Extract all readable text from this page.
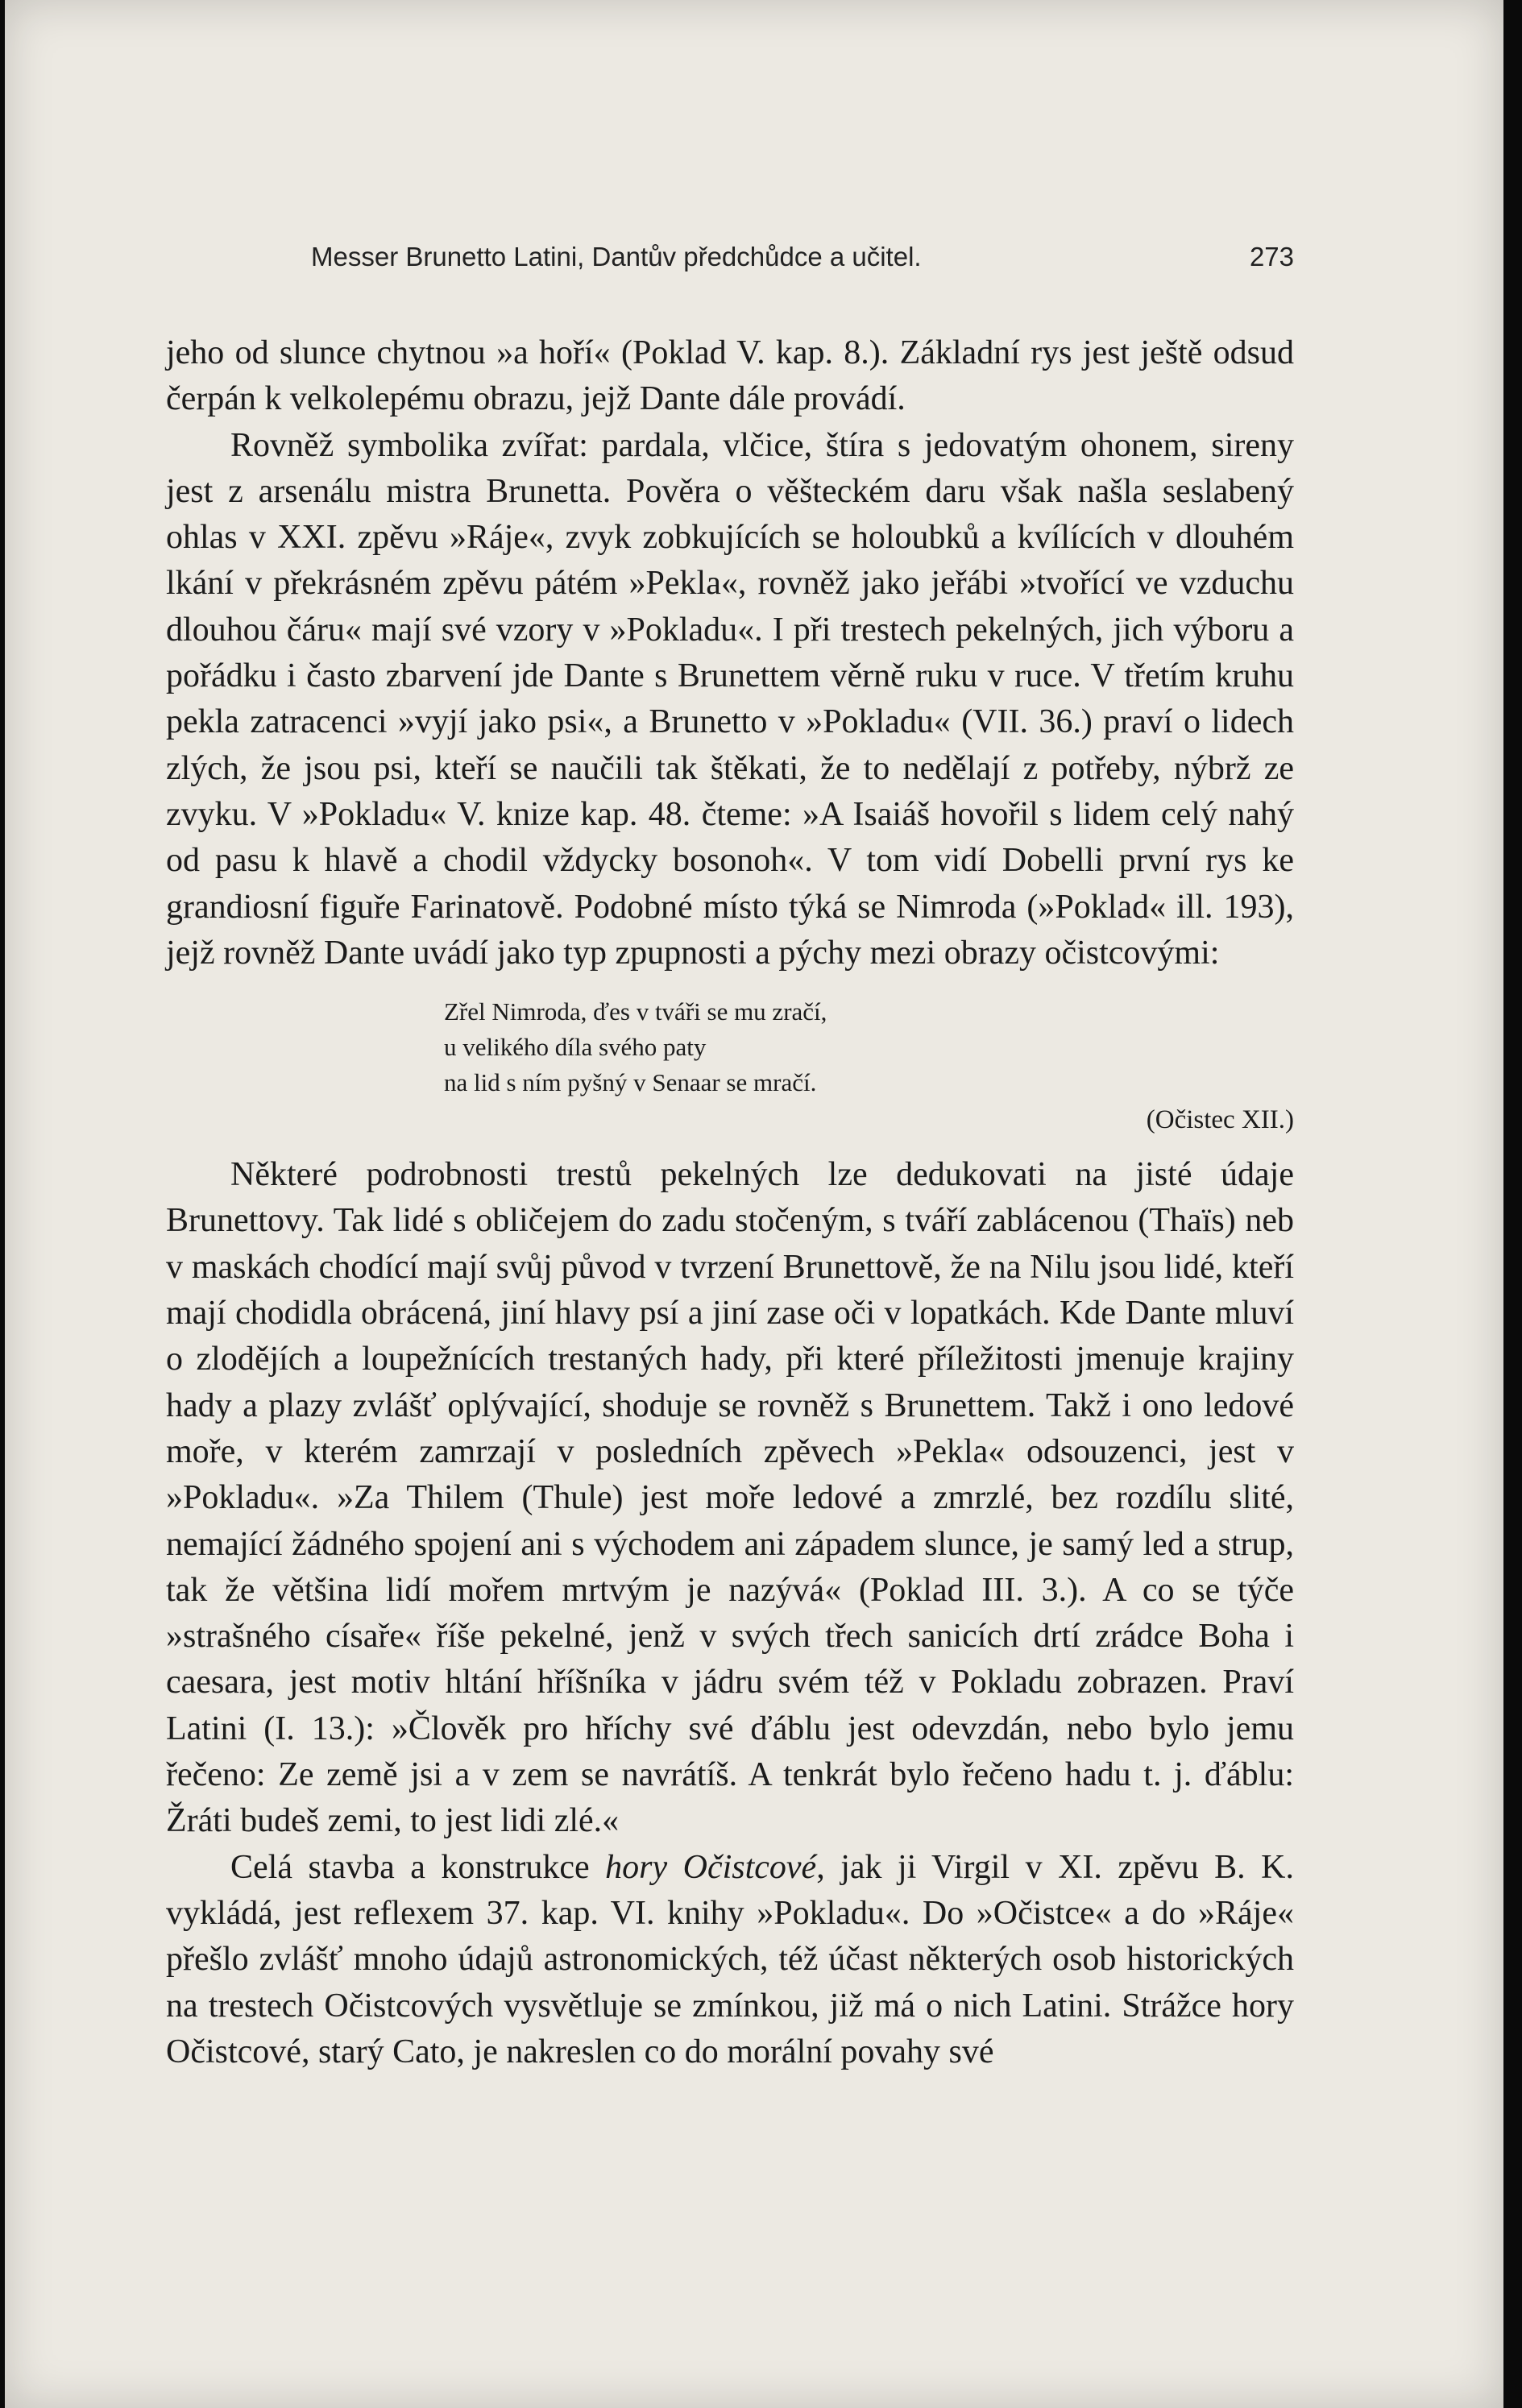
Messer Brunetto Latini, Dantův předchůdce a učitel.	273

jeho od slunce chytnou »a hoří« (Poklad V. kap. 8.). Základní rys jest ještě odsud čerpán k velkolepému obrazu, jejž Dante dále provádí.

Rovněž symbolika zvířat: pardala, vlčice, štíra s jedovatým ohonem, sireny jest z arsenálu mistra Brunetta. Pověra o věšteckém daru však našla seslabený ohlas v XXI. zpěvu »Ráje«, zvyk zobkujících se holoubků a kvílících v dlouhém lkání v překrásném zpěvu pátém »Pekla«, rovněž jako jeřábi »tvořící ve vzduchu dlouhou čáru« mají své vzory v »Pokladu«. I při trestech pekelných, jich výboru a pořádku i často zbarvení jde Dante s Brunettem věrně ruku v ruce. V třetím kruhu pekla zatracenci »vyjí jako psi«, a Brunetto v »Pokladu« (VII. 36.) praví o lidech zlých, že jsou psi, kteří se naučili tak štěkati, že to nedělají z potřeby, nýbrž ze zvyku. V »Pokladu« V. knize kap. 48. čteme: »A Isaiáš hovořil s lidem celý nahý od pasu k hlavě a chodil vždycky bosonoh«. V tom vidí Dobelli první rys ke grandiosní figuře Farinatově. Podobné místo týká se Nimroda (»Poklad« ill. 193), jejž rovněž Dante uvádí jako typ zpupnosti a pýchy mezi obrazy očistcovými:

Zřel Nimroda, ďes v tváři se mu zračí,
u velikého díla svého paty
na lid s ním pyšný v Senaar se mračí.
(Očistec XII.)

Některé podrobnosti trestů pekelných lze dedukovati na jisté údaje Brunettovy. Tak lidé s obličejem do zadu stočeným, s tváří zablácenou (Thaïs) neb v maskách chodící mají svůj původ v tvrzení Brunettově, že na Nilu jsou lidé, kteří mají chodidla obrácená, jiní hlavy psí a jiní zase oči v lopatkách. Kde Dante mluví o zlodějích a loupežnících trestaných hady, při které příležitosti jmenuje krajiny hady a plazy zvlášť oplývající, shoduje se rovněž s Brunettem. Takž i ono ledové moře, v kterém zamrzají v posledních zpěvech »Pekla« odsouzenci, jest v »Pokladu«. »Za Thilem (Thule) jest moře ledové a zmrzlé, bez rozdílu slité, nemající žádného spojení ani s východem ani západem slunce, je samý led a strup, tak že většina lidí mořem mrtvým je nazývá« (Poklad III. 3.). A co se týče »strašného císaře« říše pekelné, jenž v svých třech sanicích drtí zrádce Boha i caesara, jest motiv hltání hříšníka v jádru svém též v Pokladu zobrazen. Praví Latini (I. 13.): »Člověk pro hříchy své ďáblu jest odevzdán, nebo bylo jemu řečeno: Ze země jsi a v zem se navrátíš. A tenkrát bylo řečeno hadu t. j. ďáblu: Žráti budeš zemi, to jest lidi zlé.«

Celá stavba a konstrukce hory Očistcové, jak ji Virgil v XI. zpěvu B. K. vykládá, jest reflexem 37. kap. VI. knihy »Pokladu«. Do »Očistce« a do »Ráje« přešlo zvlášť mnoho údajů astronomických, též účast některých osob historických na trestech Očistcových vysvětluje se zmínkou, již má o nich Latini. Strážce hory Očistcové, starý Cato, je nakreslen co do morální povahy své
